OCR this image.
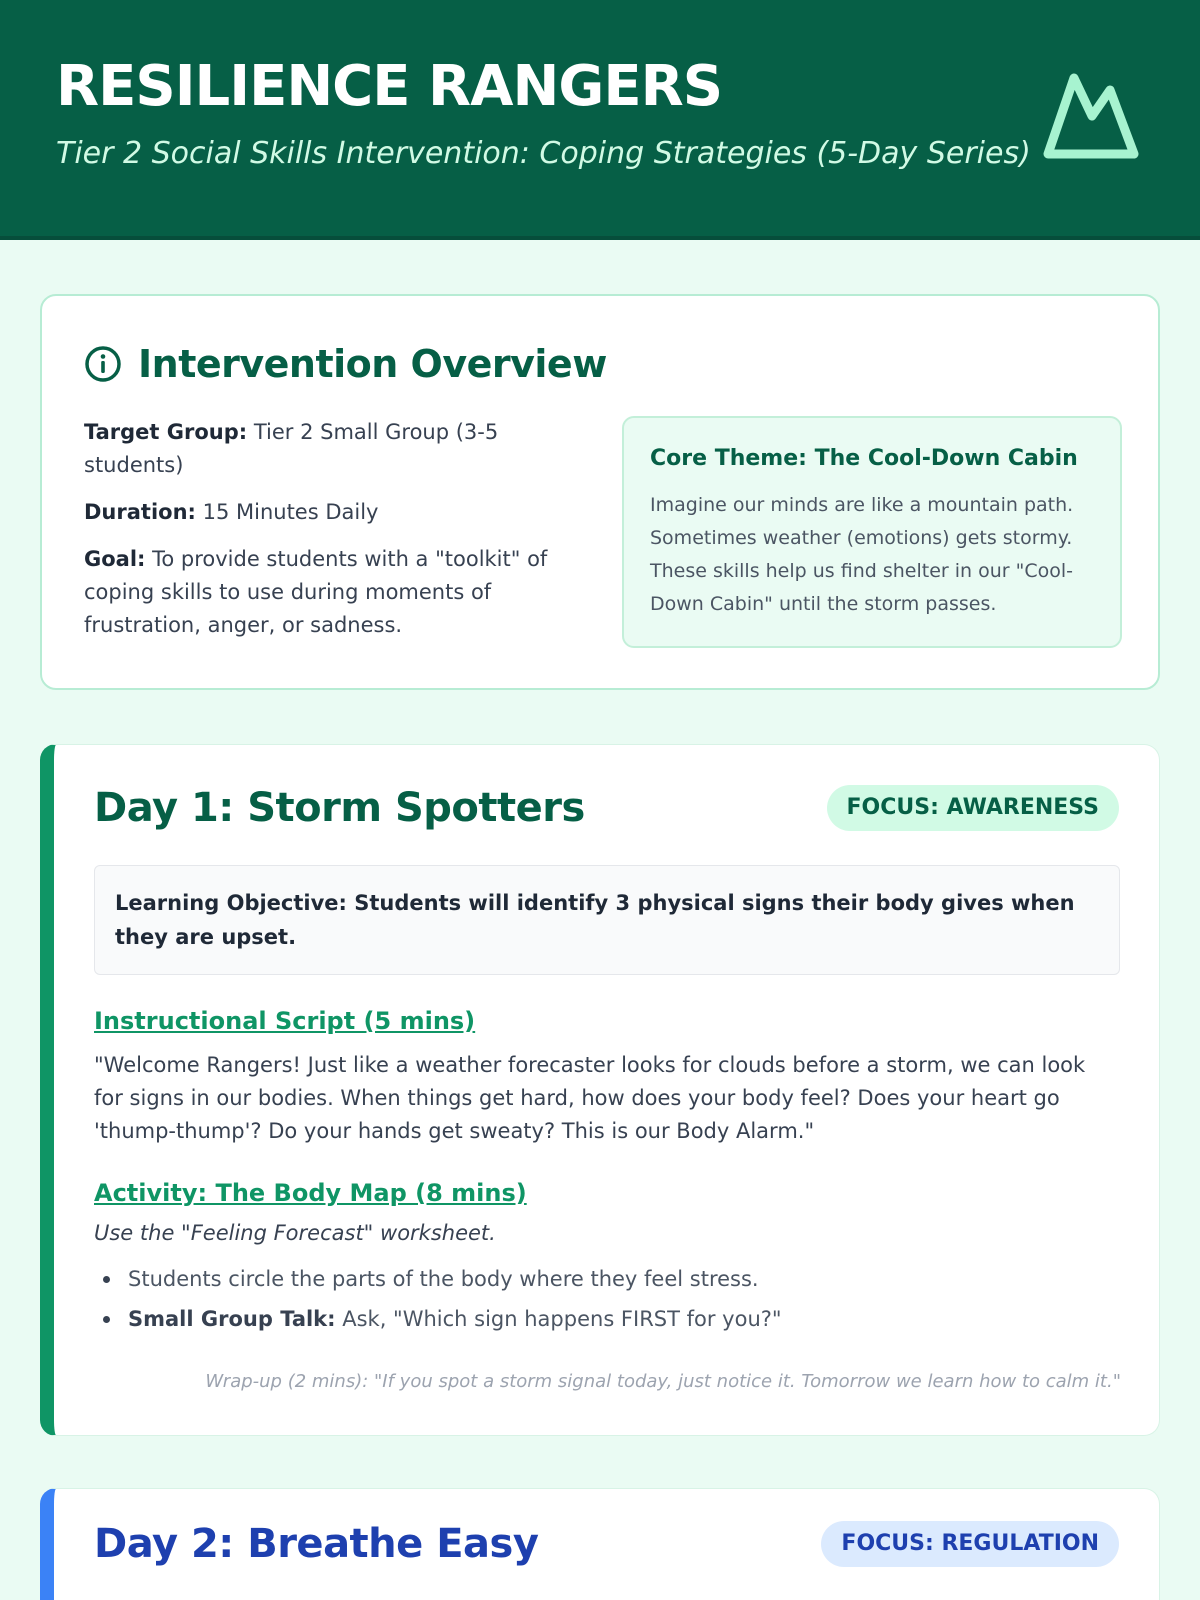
RESILIENCE RANGERS
Tier 2 Social Skills Intervention: Coping Strategies (5-Day Series)
Intervention Overview

Target Group: Tier 2 Small Group (3-5 students)

Duration: 15 Minutes Daily

Goal: To provide students with a "toolkit" of coping skills to use during moments of frustration, anger, or sadness.

Core Theme: The Cool-Down Cabin

Imagine our minds are like a mountain path. Sometimes weather (emotions) gets stormy. These skills help us find shelter in our "Cool-Down Cabin" until the storm passes.

Day 1: Storm Spotters	FOCUS: AWARENESS
Learning Objective: Students will identify 3 physical signs their body gives when they are upset.
Instructional Script (5 mins)

"Welcome Rangers! Just like a weather forecaster looks for clouds before a storm, we can look for signs in our bodies. When things get hard, how does your body feel? Does your heart go 'thump-thump'? Do your hands get sweaty? This is our Body Alarm."

Activity: The Body Map (8 mins)
Use the "Feeling Forecast" worksheet.
Students circle the parts of the body where they feel stress.
Small Group Talk: Ask, "Which sign happens FIRST for you?"
Wrap-up (2 mins): "If you spot a storm signal today, just notice it. Tomorrow we learn how to calm it."
Day 2: Breathe Easy	FOCUS: REGULATION
